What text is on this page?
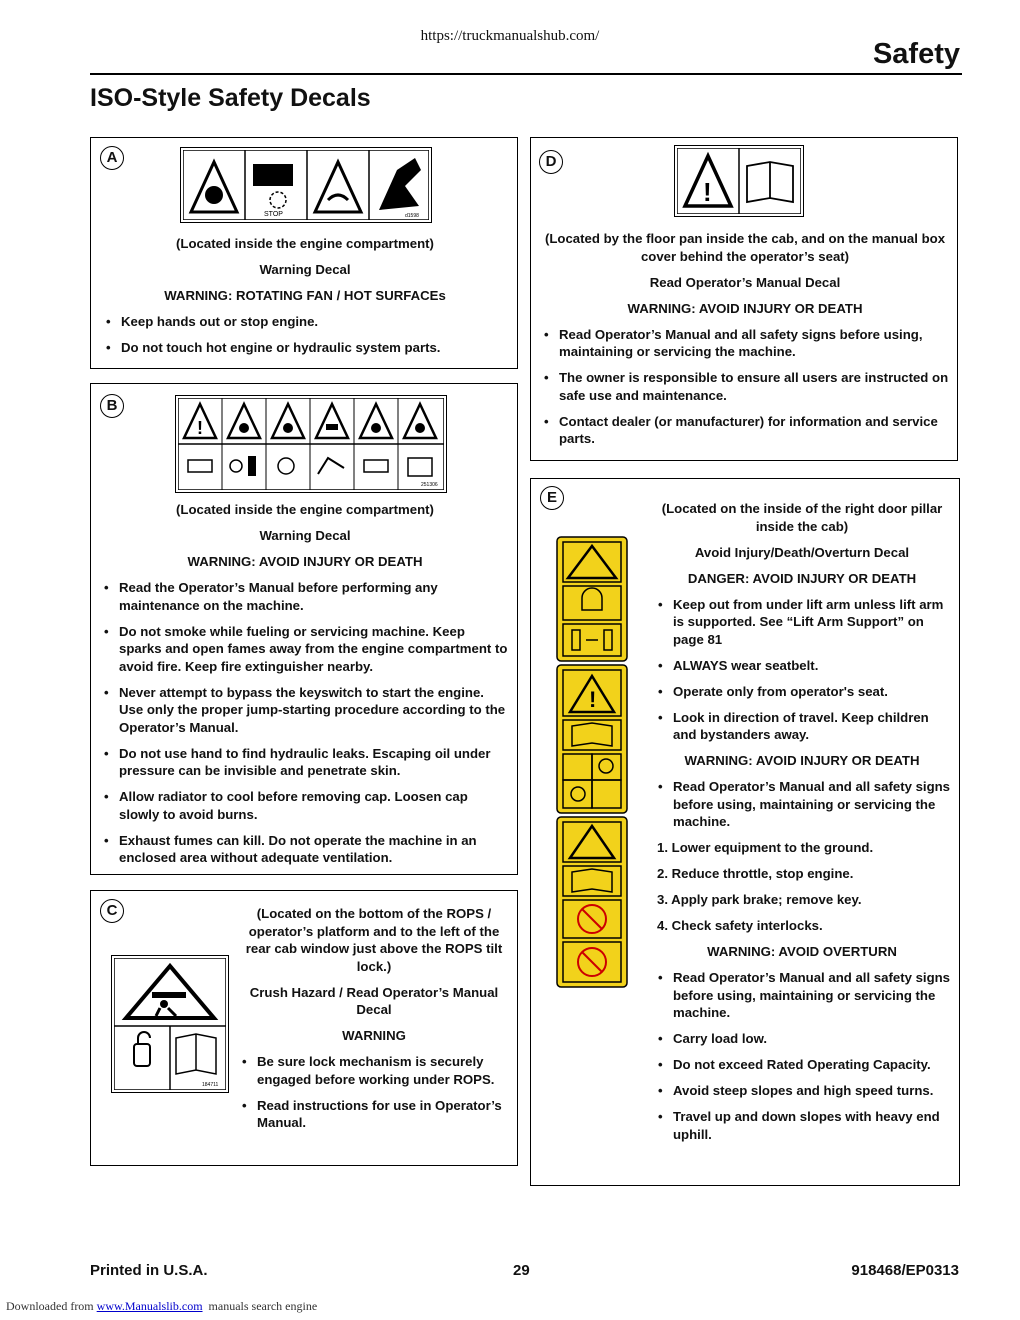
https://truckmanualshub.com/
Safety
ISO-Style Safety Decals
A
STOP	d1598
(Located inside the engine compartment)
Warning Decal
WARNING: ROTATING FAN / HOT SURFACEs
• Keep hands out or stop engine.
• Do not touch hot engine or hydraulic system parts.
B
!
251306
(Located inside the engine compartment)
Warning Decal
WARNING: AVOID INJURY OR DEATH
• Read the Operator’s Manual before performing any maintenance on the machine.
• Do not smoke while fueling or servicing machine. Keep sparks and open fames away from the engine compartment to avoid fire. Keep fire extinguisher nearby.
• Never attempt to bypass the keyswitch to start the engine. Use only the proper jump-starting procedure according to the Operator’s Manual.
• Do not use hand to find hydraulic leaks. Escaping oil under pressure can be invisible and penetrate skin.
• Allow radiator to cool before removing cap. Loosen cap slowly to avoid burns.
• Exhaust fumes can kill. Do not operate the machine in an enclosed area without adequate ventilation.
C
184711
(Located on the bottom of the ROPS / operator’s platform and to the left of the rear cab window just above the ROPS tilt lock.)
Crush Hazard / Read Operator’s Manual Decal
WARNING
• Be sure lock mechanism is securely engaged before working under ROPS.
• Read instructions for use in Operator’s Manual.
D
!
(Located by the floor pan inside the cab, and on the manual box cover behind the operator’s seat)
Read Operator’s Manual Decal
WARNING: AVOID INJURY OR DEATH
• Read Operator’s Manual and all safety signs before using, maintaining or servicing the machine.
• The owner is responsible to ensure all users are instructed on safe use and maintenance.
• Contact dealer (or manufacturer) for information and service parts.
E
!
(Located on the inside of the right door pillar inside the cab)
Avoid Injury/Death/Overturn Decal
DANGER: AVOID INJURY OR DEATH
• Keep out from under lift arm unless lift arm is supported. See “Lift Arm Support” on page 81
• ALWAYS wear seatbelt.
• Operate only from operator's seat.
• Look in direction of travel. Keep children and bystanders away.
WARNING: AVOID INJURY OR DEATH
• Read Operator’s Manual and all safety signs before using, maintaining or servicing the machine.
1. Lower equipment to the ground.
2. Reduce throttle, stop engine.
3. Apply park brake; remove key.
4. Check safety interlocks.
WARNING: AVOID OVERTURN
• Read Operator’s Manual and all safety signs before using, maintaining or servicing the machine.
• Carry load low.
• Do not exceed Rated Operating Capacity.
• Avoid steep slopes and high speed turns.
• Travel up and down slopes with heavy end uphill.
Printed in U.S.A.	29	918468/EP0313
Downloaded from www.Manualslib.com manuals search engine
